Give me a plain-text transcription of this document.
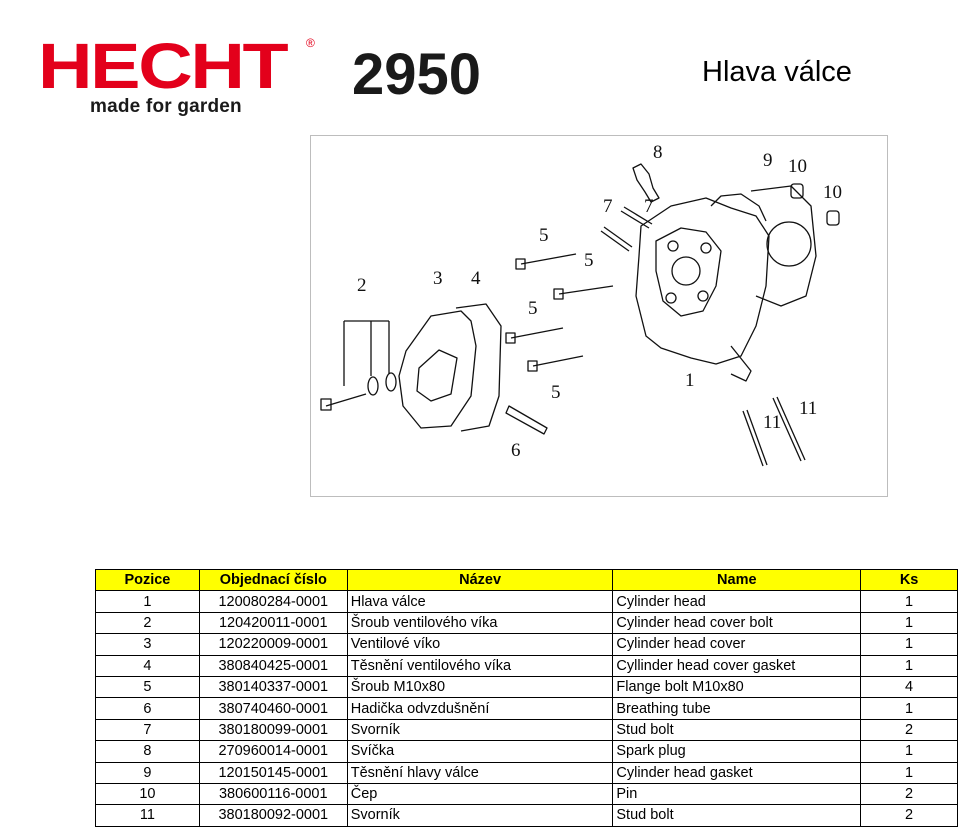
HECHT ®
made for garden 2950	Hlava válce
8	9 10
10
7 7
5
5
5
5
2	3 4
1
6
11
11
Pozice	Objednací číslo	Název	Name	Ks
1	120080284-0001	Hlava válce	Cylinder head	1
2	120420011-0001	Šroub ventilového víka	Cylinder head cover bolt	1
3	120220009-0001	Ventilové víko	Cylinder head cover	1
4	380840425-0001	Těsnění ventilového víka	Cyllinder head cover gasket	1
5	380140337-0001	Šroub M10x80	Flange bolt M10x80	4
6	380740460-0001	Hadička odvzdušnění	Breathing tube	1
7	380180099-0001	Svorník	Stud bolt	2
8	270960014-0001	Svíčka	Spark plug	1
9	120150145-0001	Těsnění hlavy válce	Cylinder head gasket	1
10	380600116-0001	Čep	Pin	2
11	380180092-0001	Svorník	Stud bolt	2
